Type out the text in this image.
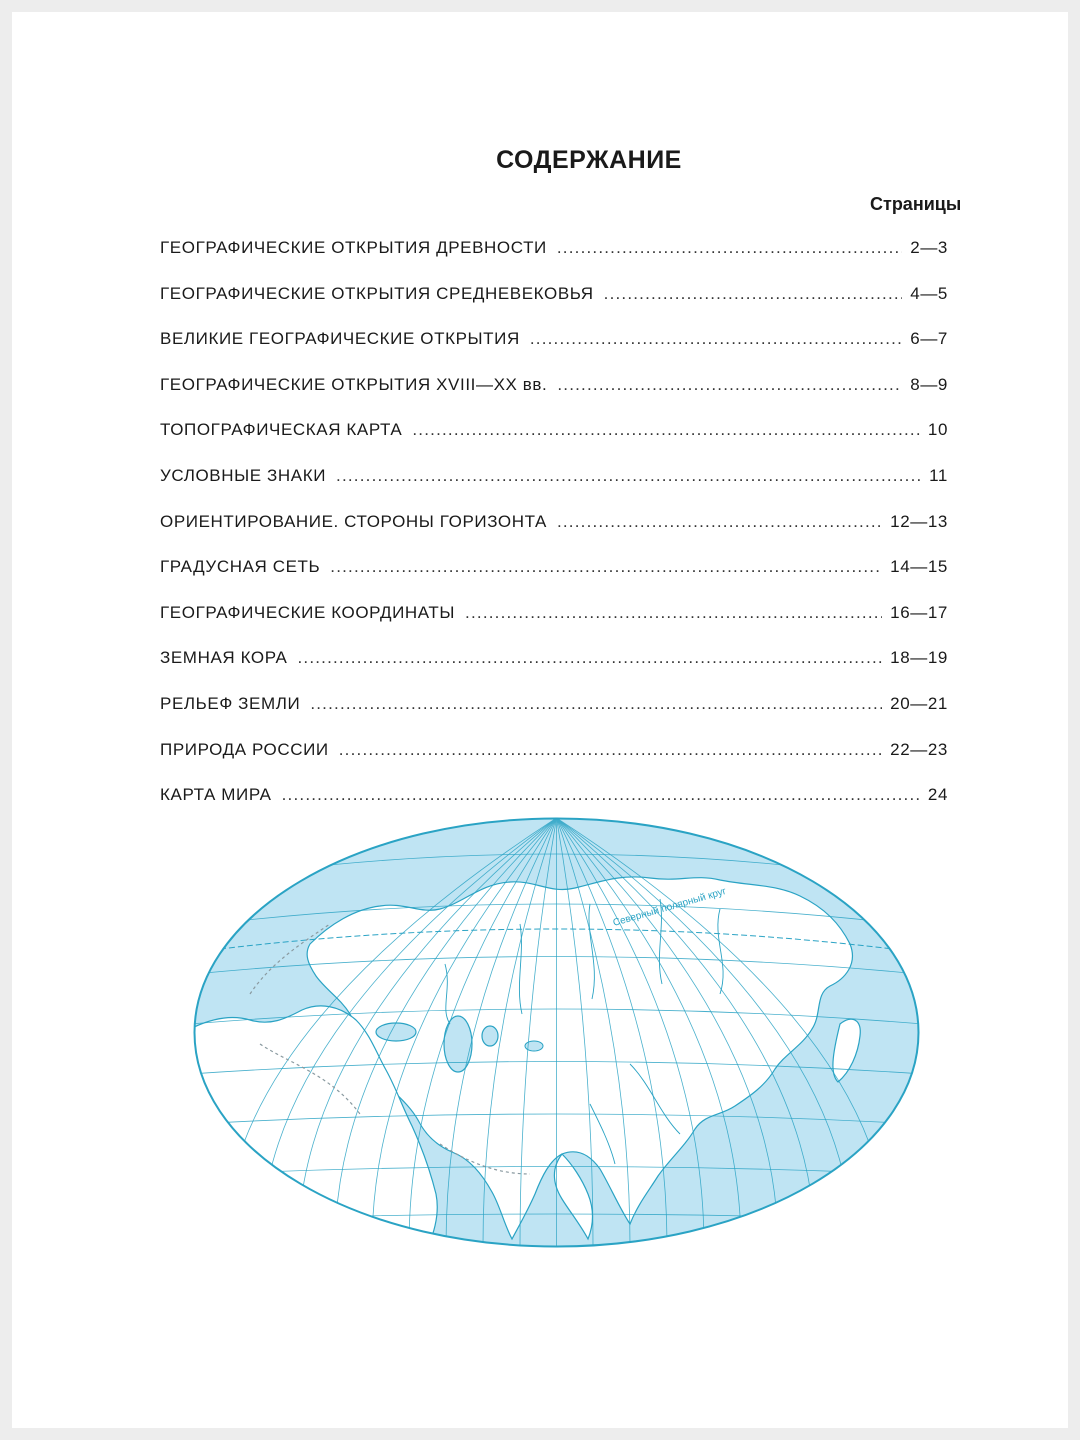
СОДЕРЖАНИЕ
Страницы
ГЕОГРАФИЧЕСКИЕ ОТКРЫТИЯ ДРЕВНОСТИ .....	2—3
ГЕОГРАФИЧЕСКИЕ ОТКРЫТИЯ СРЕДНЕВЕКОВЬЯ .....	4—5
ВЕЛИКИЕ ГЕОГРАФИЧЕСКИЕ ОТКРЫТИЯ .....	6—7
ГЕОГРАФИЧЕСКИЕ ОТКРЫТИЯ XVIII—XX вв. .....	8—9
ТОПОГРАФИЧЕСКАЯ КАРТА .....	10
УСЛОВНЫЕ ЗНАКИ .....	11
ОРИЕНТИРОВАНИЕ. СТОРОНЫ ГОРИЗОНТА .....	12—13
ГРАДУСНАЯ СЕТЬ .....	14—15
ГЕОГРАФИЧЕСКИЕ КООРДИНАТЫ .....	16—17
ЗЕМНАЯ КОРА .....	18—19
РЕЛЬЕФ ЗЕМЛИ .....	20—21
ПРИРОДА РОССИИ .....	22—23
КАРТА МИРА .....	24
Северный полярный круг
